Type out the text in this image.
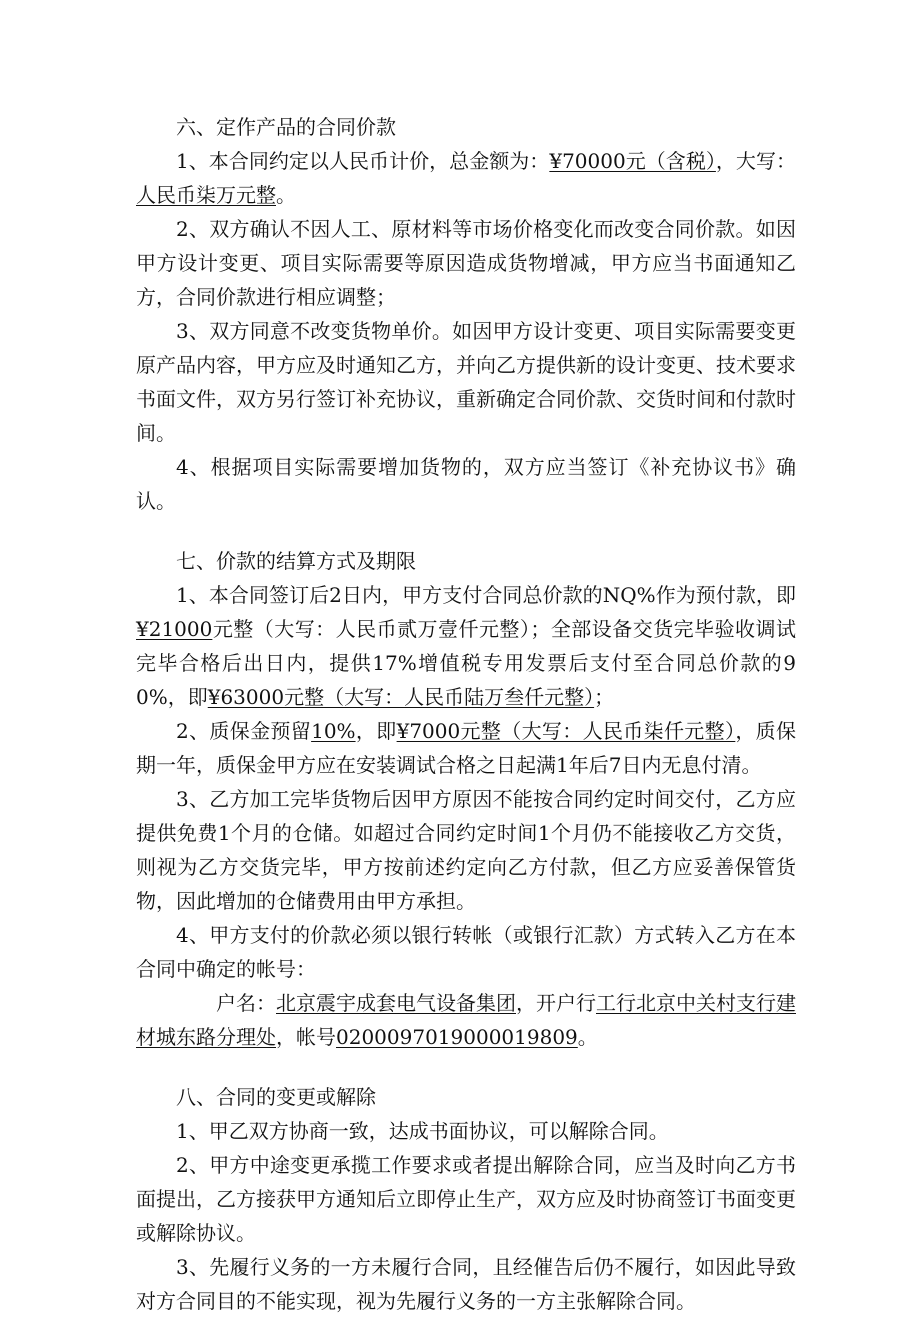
六、定作产品的合同价款

1、本合同约定以人民币计价，总金额为：¥70000元（含税），大写：人民币柒万元整。

2、双方确认不因人工、原材料等市场价格变化而改变合同价款。如因甲方设计变更、项目实际需要等原因造成货物增减，甲方应当书面通知乙方，合同价款进行相应调整；

3、双方同意不改变货物单价。如因甲方设计变更、项目实际需要变更原产品内容，甲方应及时通知乙方，并向乙方提供新的设计变更、技术要求书面文件，双方另行签订补充协议，重新确定合同价款、交货时间和付款时间。

4、根据项目实际需要增加货物的，双方应当签订《补充协议书》确认。

七、价款的结算方式及期限

1、本合同签订后2日内，甲方支付合同总价款的NQ%作为预付款，即¥21000元整（大写：人民币贰万壹仟元整）；全部设备交货完毕验收调试完毕合格后出日内，提供17%增值税专用发票后支付至合同总价款的90%，即¥63000元整（大写：人民币陆万叁仟元整）；

2、质保金预留10%，即¥7000元整（大写：人民币柒仟元整），质保期一年，质保金甲方应在安装调试合格之日起满1年后7日内无息付清。

3、乙方加工完毕货物后因甲方原因不能按合同约定时间交付，乙方应提供免费1个月的仓储。如超过合同约定时间1个月仍不能接收乙方交货，则视为乙方交货完毕，甲方按前述约定向乙方付款，但乙方应妥善保管货物，因此增加的仓储费用由甲方承担。

4、甲方支付的价款必须以银行转帐（或银行汇款）方式转入乙方在本合同中确定的帐号：

户名：北京震宇成套电气设备集团，开户行工行北京中关村支行建材城东路分理处，帐号0200097019000019809。

八、合同的变更或解除

1、甲乙双方协商一致，达成书面协议，可以解除合同。

2、甲方中途变更承揽工作要求或者提出解除合同，应当及时向乙方书面提出，乙方接获甲方通知后立即停止生产，双方应及时协商签订书面变更或解除协议。

3、先履行义务的一方未履行合同，且经催告后仍不履行，如因此导致对方合同目的不能实现，视为先履行义务的一方主张解除合同。
